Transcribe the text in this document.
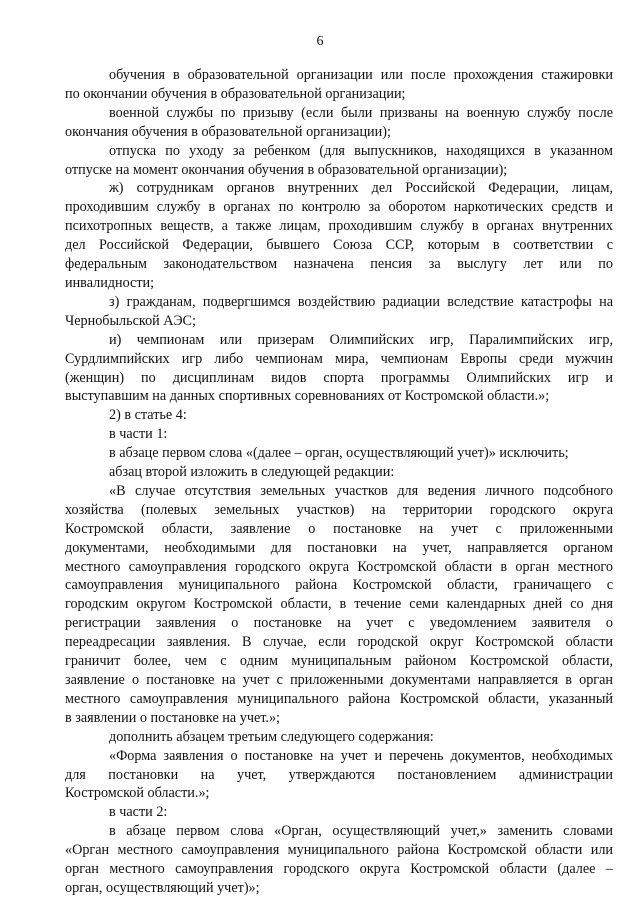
6
обучения в образовательной организации или после прохождения стажировки
по окончании обучения в образовательной организации;
военной службы по призыву (если были призваны на военную службу после
окончания обучения в образовательной организации);
отпуска по уходу за ребенком (для выпускников, находящихся в указанном
отпуске на момент окончания обучения в образовательной организации);
ж) сотрудникам органов внутренних дел Российской Федерации, лицам,
проходившим службу в органах по контролю за оборотом наркотических средств и
психотропных веществ, а также лицам, проходившим службу в органах внутренних
дел Российской Федерации, бывшего Союза ССР, которым в соответствии с
федеральным законодательством назначена пенсия за выслугу лет или по
инвалидности;
з) гражданам, подвергшимся воздействию радиации вследствие катастрофы на
Чернобыльской АЭС;
и) чемпионам или призерам Олимпийских игр, Паралимпийских игр,
Сурдлимпийских игр либо чемпионам мира, чемпионам Европы среди мужчин
(женщин) по дисциплинам видов спорта программы Олимпийских игр и
выступавшим на данных спортивных соревнованиях от Костромской области.»;
2) в статье 4:
в части 1:
в абзаце первом слова «(далее – орган, осуществляющий учет)» исключить;
абзац второй изложить в следующей редакции:
«В случае отсутствия земельных участков для ведения личного подсобного
хозяйства (полевых земельных участков) на территории городского округа
Костромской области, заявление о постановке на учет с приложенными
документами, необходимыми для постановки на учет, направляется органом
местного самоуправления городского округа Костромской области в орган местного
самоуправления муниципального района Костромской области, граничащего с
городским округом Костромской области, в течение семи календарных дней со дня
регистрации заявления о постановке на учет с уведомлением заявителя о
переадресации заявления. В случае, если городской округ Костромской области
граничит более, чем с одним муниципальным районом Костромской области,
заявление о постановке на учет с приложенными документами направляется в орган
местного самоуправления муниципального района Костромской области, указанный
в заявлении о постановке на учет.»;
дополнить абзацем третьим следующего содержания:
«Форма заявления о постановке на учет и перечень документов, необходимых
для постановки на учет, утверждаются постановлением администрации
Костромской области.»;
в части 2:
в абзаце первом слова «Орган, осуществляющий учет,» заменить словами
«Орган местного самоуправления муниципального района Костромской области или
орган местного самоуправления городского округа Костромской области (далее –
орган, осуществляющий учет)»;
